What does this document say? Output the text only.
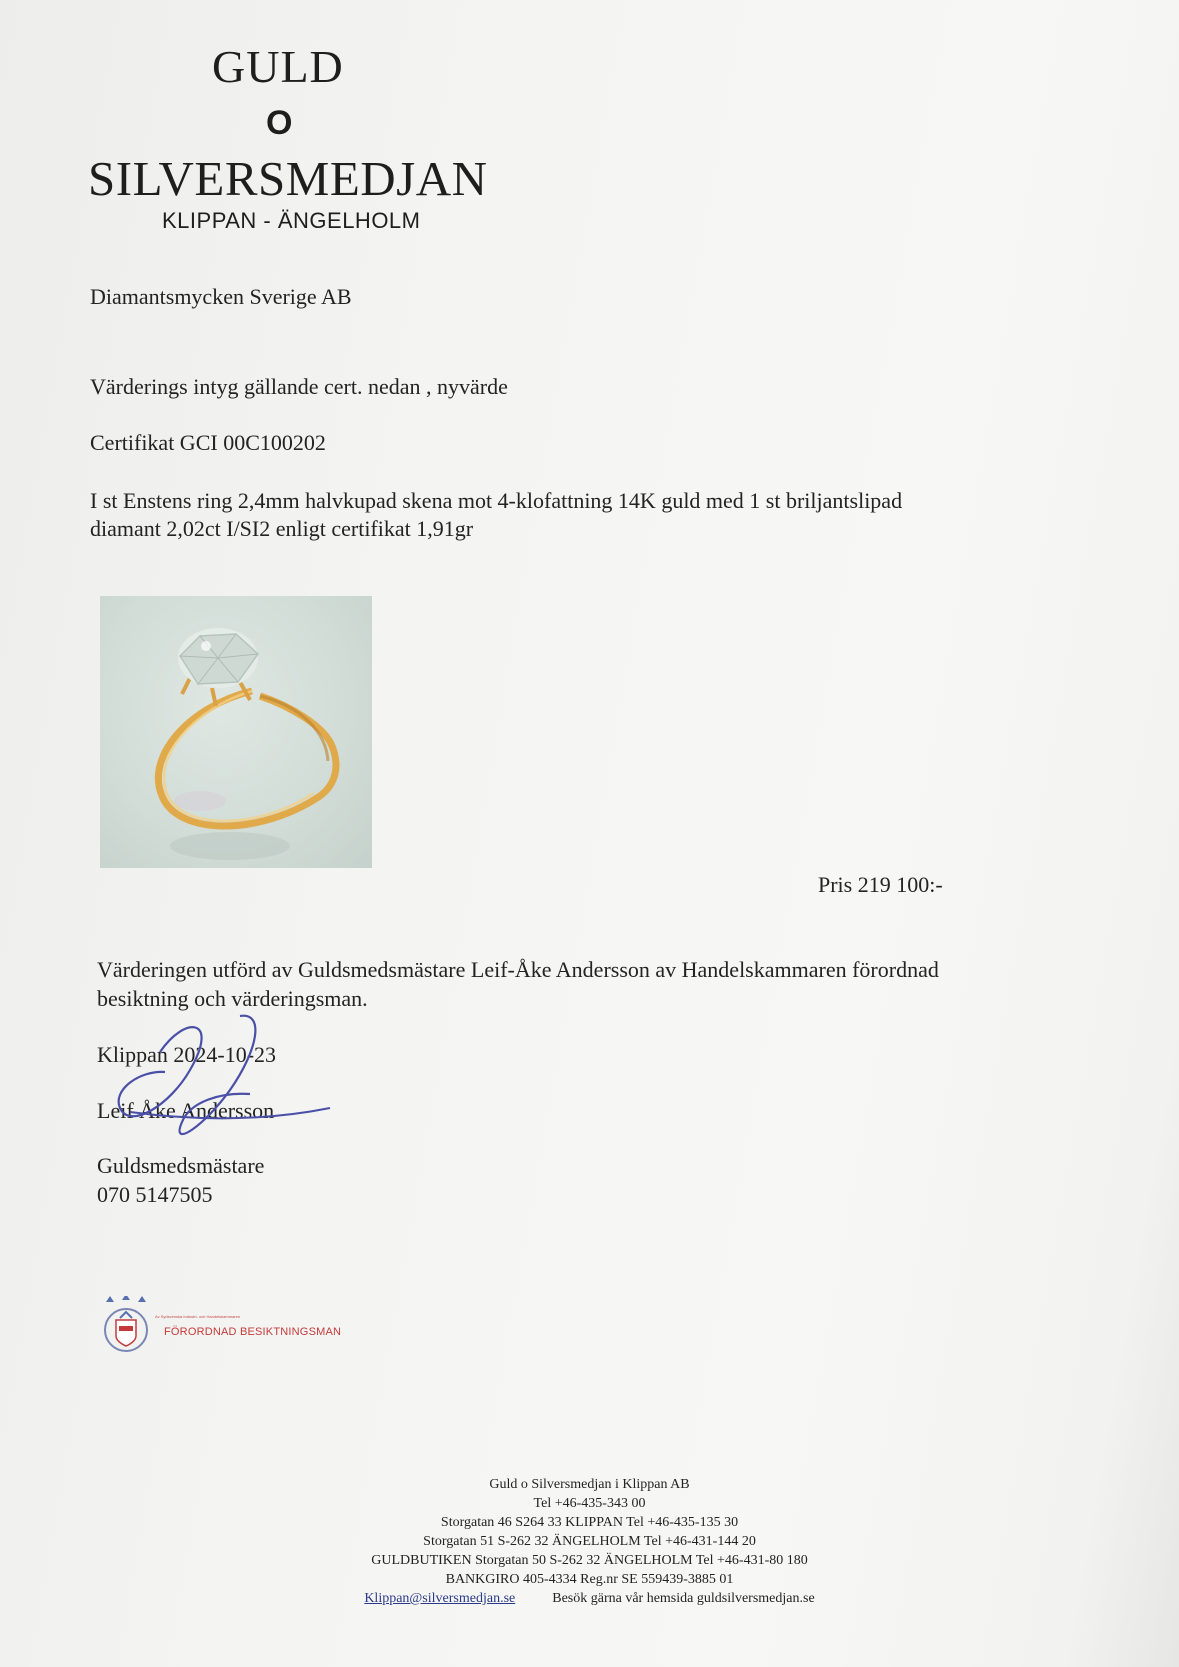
GULD
O
SILVERSMEDJAN
KLIPPAN - ÄNGELHOLM
Diamantsmycken Sverige AB
Värderings intyg gällande cert. nedan , nyvärde
Certifikat GCI 00C100202
I st Enstens ring 2,4mm halvkupad skena mot 4-klofattning 14K guld med 1 st briljantslipad
diamant 2,02ct I/SI2 enligt certifikat 1,91gr
Pris 219 100:-
Värderingen utförd av Guldsmedsmästare Leif-Åke Andersson av Handelskammaren förordnad
besiktning och värderingsman.
Klippan 2024-10-23
Leif Åke Andersson
Guldsmedsmästare
070 5147505
Av Sydsvenska Industri- och Handelskammaren
FÖRORDNAD BESIKTNINGSMAN
Guld o Silversmedjan i Klippan AB
Tel +46-435-343 00
Storgatan 46 S264 33 KLIPPAN Tel +46-435-135 30
Storgatan 51 S-262 32 ÄNGELHOLM Tel +46-431-144 20
GULDBUTIKEN Storgatan 50 S-262 32 ÄNGELHOLM Tel +46-431-80 180
BANKGIRO 405-4334 Reg.nr SE 559439-3885 01
Klippan@silversmedjan.se	Besök gärna vår hemsida guldsilversmedjan.se
